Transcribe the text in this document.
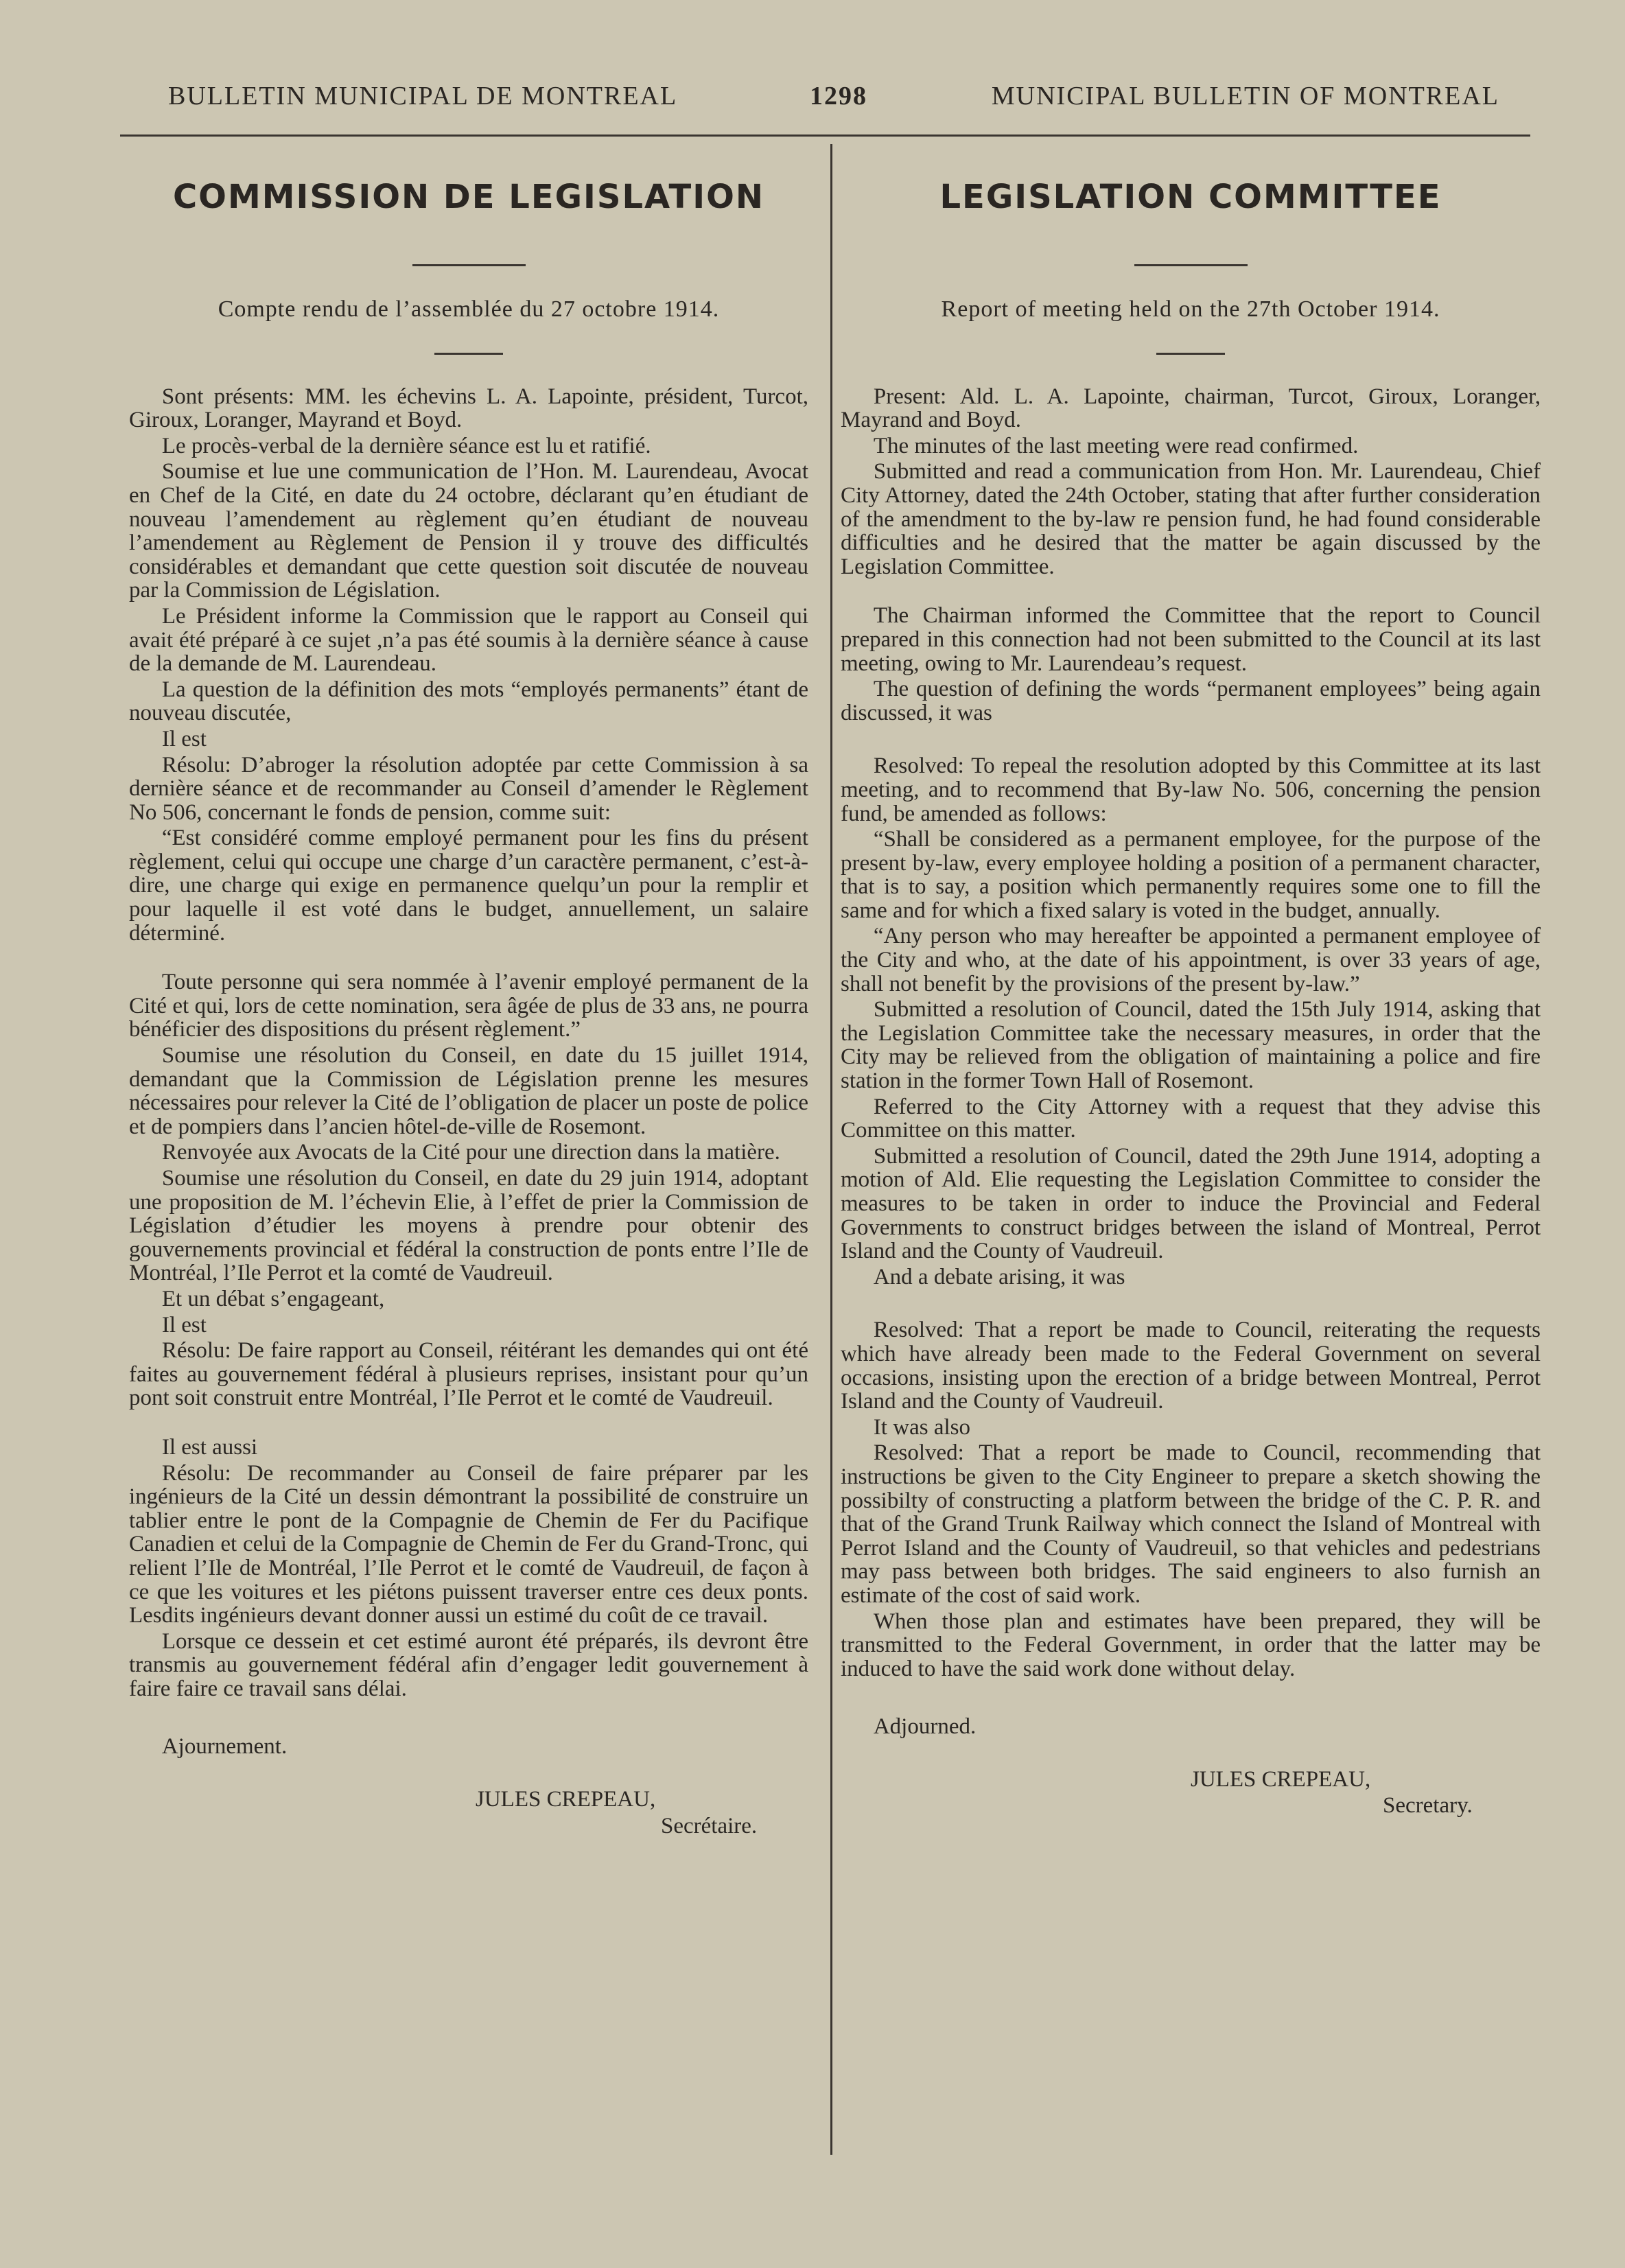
BULLETIN MUNICIPAL DE MONTREAL	1298	MUNICIPAL BULLETIN OF MONTREAL
COMMISSION DE LEGISLATION
Compte rendu de l’assemblée du 27 octobre 1914.

Sont présents: MM. les échevins L. A. Lapointe, président, Turcot, Giroux, Loranger, Mayrand et Boyd.

Le procès-verbal de la dernière séance est lu et ratifié.

Soumise et lue une communication de l’Hon. M. Laurendeau, Avocat en Chef de la Cité, en date du 24 octobre, déclarant qu’en étudiant de nouveau l’amendement au règlement qu’en étudiant de nouveau l’amendement au Règlement de Pension il y trouve des difficultés considérables et demandant que cette question soit discutée de nouveau par la Commission de Législation.

Le Président informe la Commission que le rapport au Conseil qui avait été préparé à ce sujet ,n’a pas été soumis à la dernière séance à cause de la demande de M. Laurendeau.

La question de la définition des mots “employés permanents” étant de nouveau discutée,

Il est

Résolu: D’abroger la résolution adoptée par cette Commission à sa dernière séance et de recommander au Conseil d’amender le Règlement No 506, concernant le fonds de pension, comme suit:

“Est considéré comme employé permanent pour les fins du présent règlement, celui qui occupe une charge d’un caractère permanent, c’est-à-dire, une charge qui exige en permanence quelqu’un pour la remplir et pour laquelle il est voté dans le budget, annuellement, un salaire déterminé.

Toute personne qui sera nommée à l’avenir employé permanent de la Cité et qui, lors de cette nomination, sera âgée de plus de 33 ans, ne pourra bénéficier des dispositions du présent règlement.”

Soumise une résolution du Conseil, en date du 15 juillet 1914, demandant que la Commission de Législation prenne les mesures nécessaires pour relever la Cité de l’obligation de placer un poste de police et de pompiers dans l’ancien hôtel-de-ville de Rosemont.

Renvoyée aux Avocats de la Cité pour une direction dans la matière.

Soumise une résolution du Conseil, en date du 29 juin 1914, adoptant une proposition de M. l’échevin Elie, à l’effet de prier la Commission de Législation d’étudier les moyens à prendre pour obtenir des gouvernements provincial et fédéral la construction de ponts entre l’Ile de Montréal, l’Ile Perrot et la comté de Vaudreuil.

Et un débat s’engageant,

Il est

Résolu: De faire rapport au Conseil, réitérant les demandes qui ont été faites au gouvernement fédéral à plusieurs reprises, insistant pour qu’un pont soit construit entre Montréal, l’Ile Perrot et le comté de Vaudreuil.

Il est aussi

Résolu: De recommander au Conseil de faire préparer par les ingénieurs de la Cité un dessin démontrant la possibilité de construire un tablier entre le pont de la Compagnie de Chemin de Fer du Pacifique Canadien et celui de la Compagnie de Chemin de Fer du Grand-Tronc, qui relient l’Ile de Montréal, l’Ile Perrot et le comté de Vaudreuil, de façon à ce que les voitures et les piétons puissent traverser entre ces deux ponts. Lesdits ingénieurs devant donner aussi un estimé du coût de ce travail.

Lorsque ce dessein et cet estimé auront été préparés, ils devront être transmis au gouvernement fédéral afin d’engager ledit gouvernement à faire faire ce travail sans délai.

Ajournement.
JULES CREPEAU,
Secrétaire.
LEGISLATION COMMITTEE
Report of meeting held on the 27th October 1914.

Present: Ald. L. A. Lapointe, chairman, Turcot, Giroux, Loranger, Mayrand and Boyd.

The minutes of the last meeting were read confirmed.

Submitted and read a communication from Hon. Mr. Laurendeau, Chief City Attorney, dated the 24th October, stating that after further consideration of the amendment to the by-law re pension fund, he had found considerable difficulties and he desired that the matter be again discussed by the Legislation Committee.

The Chairman informed the Committee that the report to Council prepared in this connection had not been submitted to the Council at its last meeting, owing to Mr. Laurendeau’s request.

The question of defining the words “permanent employees” being again discussed, it was

Resolved: To repeal the resolution adopted by this Committee at its last meeting, and to recommend that By-law No. 506, concerning the pension fund, be amended as follows:

“Shall be considered as a permanent employee, for the purpose of the present by-law, every employee holding a position of a permanent character, that is to say, a position which permanently requires some one to fill the same and for which a fixed salary is voted in the budget, annually.

“Any person who may hereafter be appointed a permanent employee of the City and who, at the date of his appointment, is over 33 years of age, shall not benefit by the provisions of the present by-law.”

Submitted a resolution of Council, dated the 15th July 1914, asking that the Legislation Committee take the necessary measures, in order that the City may be relieved from the obligation of maintaining a police and fire station in the former Town Hall of Rosemont.

Referred to the City Attorney with a request that they advise this Committee on this matter.

Submitted a resolution of Council, dated the 29th June 1914, adopting a motion of Ald. Elie requesting the Legislation Committee to consider the measures to be taken in order to induce the Provincial and Federal Governments to construct bridges between the island of Montreal, Perrot Island and the County of Vaudreuil.

And a debate arising, it was

Resolved: That a report be made to Council, reiterating the requests which have already been made to the Federal Government on several occasions, insisting upon the erection of a bridge between Montreal, Perrot Island and the County of Vaudreuil.

It was also

Resolved: That a report be made to Council, recommending that instructions be given to the City Engineer to prepare a sketch showing the possibilty of constructing a platform between the bridge of the C. P. R. and that of the Grand Trunk Railway which connect the Island of Montreal with Perrot Island and the County of Vaudreuil, so that vehicles and pedestrians may pass between both bridges. The said engineers to also furnish an estimate of the cost of said work.

When those plan and estimates have been prepared, they will be transmitted to the Federal Government, in order that the latter may be induced to have the said work done without delay.

Adjourned.
JULES CREPEAU,
Secretary.
